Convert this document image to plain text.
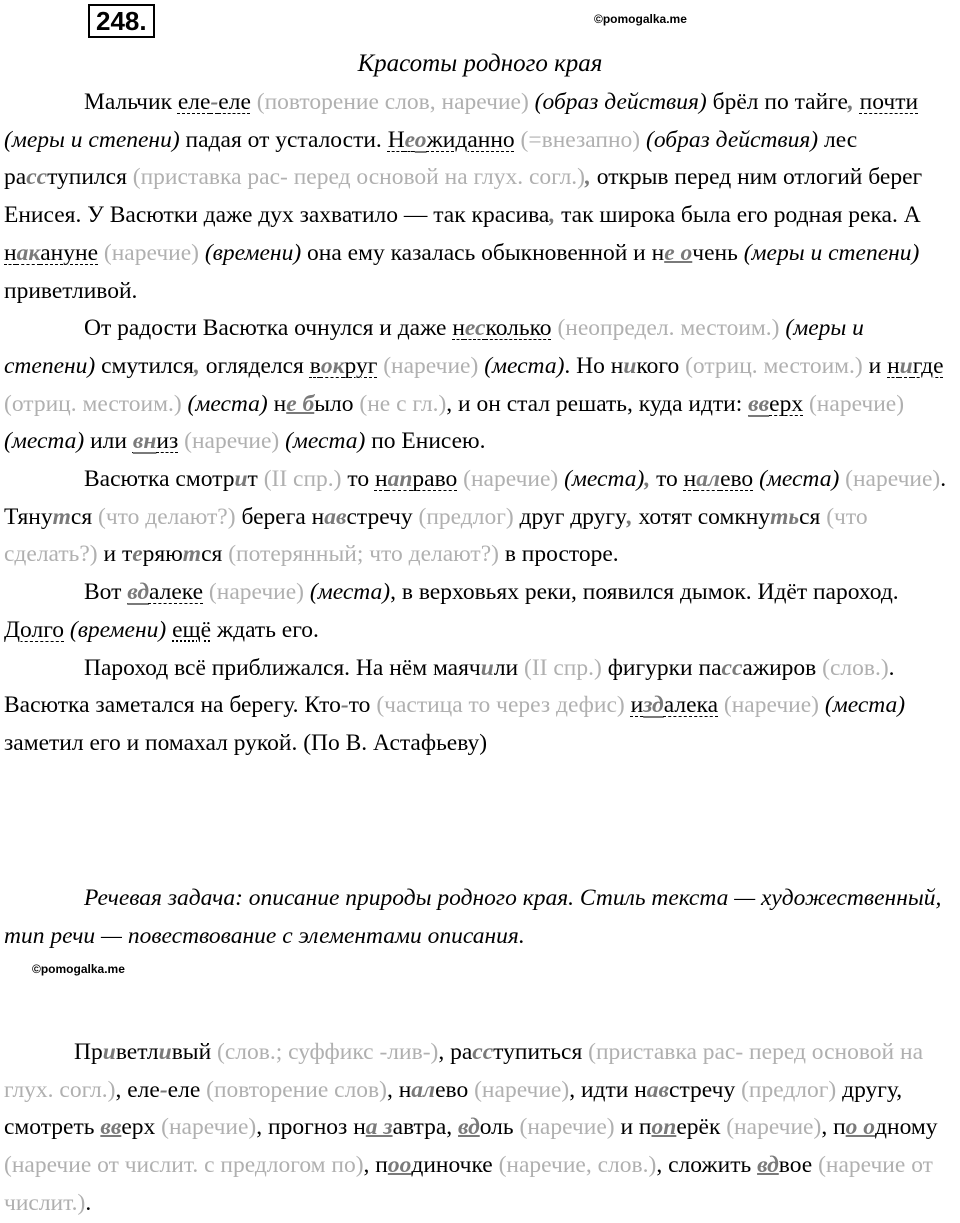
248.	©pomogalka.me
Красоты родного края

Мальчик еле-еле (повторение слов, наречие) (образ действия) брёл по тайге, почти (меры и степени) падая от усталости. Неожиданно (=внезапно) (образ действия) лес расступился (приставка рас- перед основой на глух. согл.), открыв перед ним отлогий берег Енисея. У Васютки даже дух захватило — так красива, так широка была его родная река. А накануне (наречие) (времени) она ему казалась обыкновенной и не очень (меры и степени) приветливой.

От радости Васютка очнулся и даже несколько (неопредел. местоим.) (меры и степени) смутился, огляделся вокруг (наречие) (места). Но никого (отриц. местоим.) и нигде (отриц. местоим.) (места) не было (не с гл.), и он стал решать, куда идти: вверх (наречие) (места) или вниз (наречие) (места) по Енисею.

Васютка смотрит (II спр.) то направо (наречие) (места), то налево (места) (наречие). Тянутся (что делают?) берега навстречу (предлог) друг другу, хотят сомкнуться (что сделать?) и теряются (потерянный; что делают?) в просторе.

Вот вдалеке (наречие) (места), в верховьях реки, появился дымок. Идёт пароход. Долго (времени) ещё ждать его.

Пароход всё приближался. На нём маячили (II спр.) фигурки пассажиров (слов.). Васютка заметался на берегу. Кто-то (частица то через дефис) издалека (наречие) (места) заметил его и помахал рукой. (По В. Астафьеву)

Речевая задача: описание природы родного края. Стиль текста — художественный, тип речи — повествование с элементами описания.
©pomogalka.me

Приветливый (слов.; суффикс -лив-), расступиться (приставка рас- перед основой на глух. согл.), еле-еле (повторение слов), налево (наречие), идти навстречу (предлог) другу, смотреть вверх (наречие), прогноз на завтра, вдоль (наречие) и поперёк (наречие), по одному (наречие от числит. с предлогом по), поодиночке (наречие, слов.), сложить вдвое (наречие от числит.).
